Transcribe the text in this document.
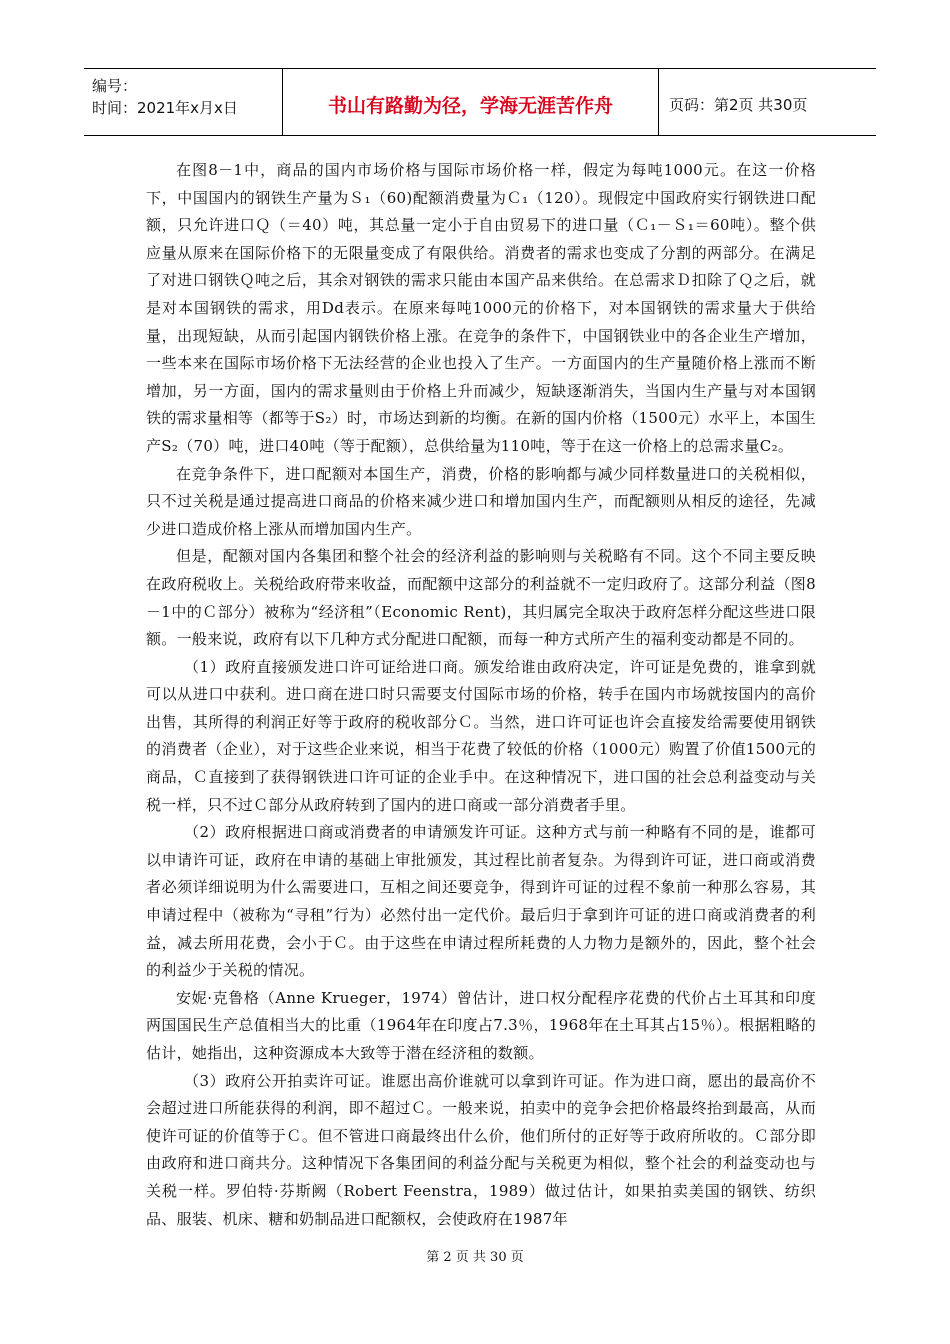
编号：
时间：2021年x月x日	书山有路勤为径，学海无涯苦作舟	页码：第2页 共30页

在图8－1中，商品的国内市场价格与国际市场价格一样，假定为每吨1000元。在这一价格下，中国国内的钢铁生产量为Ｓ₁（60)配额消费量为Ｃ₁（120）。现假定中国政府实行钢铁进口配额，只允许进口Ｑ（＝40）吨，其总量一定小于自由贸易下的进口量（Ｃ₁－Ｓ₁＝60吨）。整个供应量从原来在国际价格下的无限量变成了有限供给。消费者的需求也变成了分割的两部分。在满足了对进口钢铁Ｑ吨之后，其余对钢铁的需求只能由本国产品来供给。在总需求Ｄ扣除了Ｑ之后，就是对本国钢铁的需求，用Dd表示。在原来每吨1000元的价格下，对本国钢铁的需求量大于供给量，出现短缺，从而引起国内钢铁价格上涨。在竞争的条件下，中国钢铁业中的各企业生产增加，一些本来在国际市场价格下无法经营的企业也投入了生产。一方面国内的生产量随价格上涨而不断增加，另一方面，国内的需求量则由于价格上升而减少，短缺逐渐消失，当国内生产量与对本国钢铁的需求量相等（都等于S₂）时，市场达到新的均衡。在新的国内价格（1500元）水平上，本国生产S₂（70）吨，进口40吨（等于配额），总供给量为110吨，等于在这一价格上的总需求量C₂。

在竞争条件下，进口配额对本国生产，消费，价格的影响都与减少同样数量进口的关税相似，只不过关税是通过提高进口商品的价格来减少进口和增加国内生产，而配额则从相反的途径，先减少进口造成价格上涨从而增加国内生产。

但是，配额对国内各集团和整个社会的经济利益的影响则与关税略有不同。这个不同主要反映在政府税收上。关税给政府带来收益，而配额中这部分的利益就不一定归政府了。这部分利益（图8－1中的Ｃ部分）被称为“经济租”（Economic Rent)，其归属完全取决于政府怎样分配这些进口限额。一般来说，政府有以下几种方式分配进口配额，而每一种方式所产生的福利变动都是不同的。

（1）政府直接颁发进口许可证给进口商。颁发给谁由政府决定，许可证是免费的，谁拿到就可以从进口中获利。进口商在进口时只需要支付国际市场的价格，转手在国内市场就按国内的高价出售，其所得的利润正好等于政府的税收部分Ｃ。当然，进口许可证也许会直接发给需要使用钢铁的消费者（企业），对于这些企业来说，相当于花费了较低的价格（1000元）购置了价值1500元的商品，Ｃ直接到了获得钢铁进口许可证的企业手中。在这种情况下，进口国的社会总利益变动与关税一样，只不过Ｃ部分从政府转到了国内的进口商或一部分消费者手里。

（2）政府根据进口商或消费者的申请颁发许可证。这种方式与前一种略有不同的是，谁都可以申请许可证，政府在申请的基础上审批颁发，其过程比前者复杂。为得到许可证，进口商或消费者必须详细说明为什么需要进口，互相之间还要竞争，得到许可证的过程不象前一种那么容易，其申请过程中（被称为“寻租”行为）必然付出一定代价。最后归于拿到许可证的进口商或消费者的利益，减去所用花费，会小于Ｃ。由于这些在申请过程所耗费的人力物力是额外的，因此，整个社会的利益少于关税的情况。

安妮·克鲁格（Anne Krueger，1974）曾估计，进口权分配程序花费的代价占土耳其和印度两国国民生产总值相当大的比重（1964年在印度占7.3％，1968年在土耳其占15％）。根据粗略的估计，她指出，这种资源成本大致等于潜在经济租的数额。

（3）政府公开拍卖许可证。谁愿出高价谁就可以拿到许可证。作为进口商，愿出的最高价不会超过进口所能获得的利润，即不超过Ｃ。一般来说，拍卖中的竞争会把价格最终抬到最高，从而使许可证的价值等于Ｃ。但不管进口商最终出什么价，他们所付的正好等于政府所收的。Ｃ部分即由政府和进口商共分。这种情况下各集团间的利益分配与关税更为相似，整个社会的利益变动也与关税一样。罗伯特·芬斯阙（Robert Feenstra，1989）做过估计，如果拍卖美国的钢铁、纺织品、服装、机床、糖和奶制品进口配额权，会使政府在1987年

第 2 页 共 30 页
